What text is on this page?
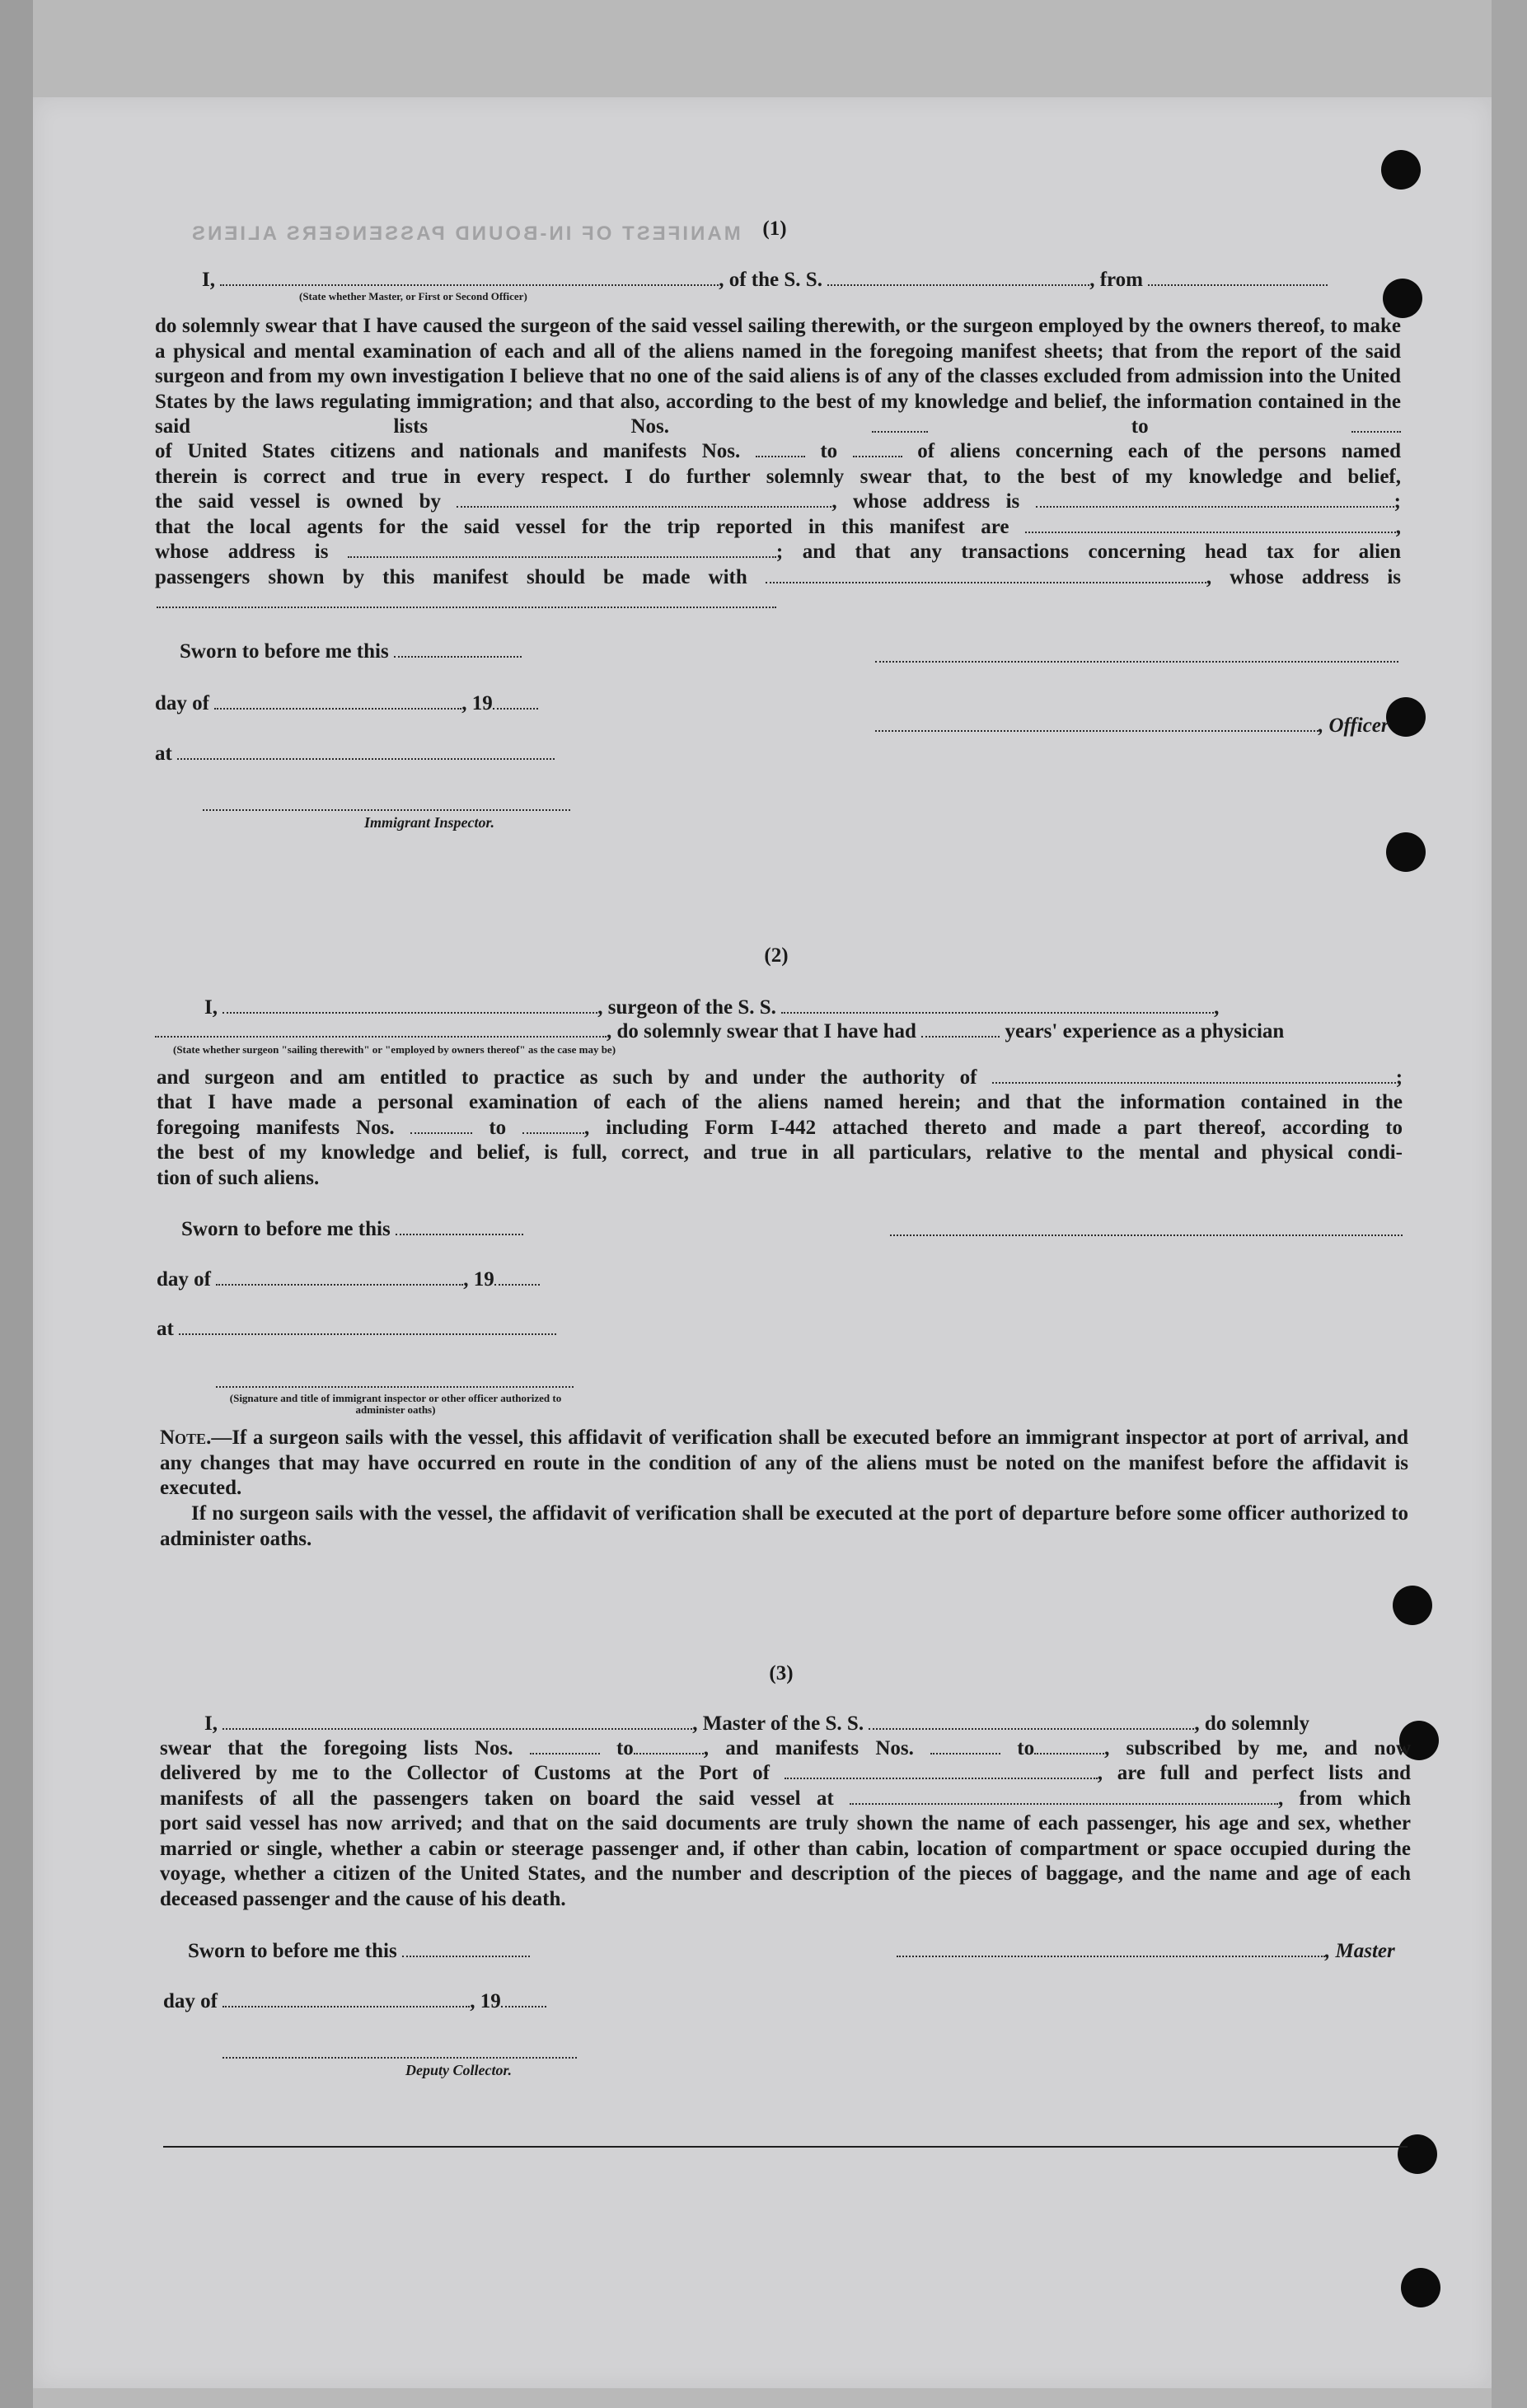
MANIFEST OF IN-BOUND PASSENGERS ALIENS	(1)
I,	, of the S. S.	, from
(State whether Master, or First or Second Officer)
do solemnly swear that I have caused the surgeon of the said vessel sailing therewith, or the surgeon employed by the owners thereof, to make a physical and mental examination of each and all of the aliens named in the foregoing manifest sheets; that from the report of the said surgeon and from my own investigation I believe that no one of the said aliens is of any of the classes excluded from admission into the United States by the laws regulating immigration; and that also, according to the best of my knowledge and belief, the information contained in the said lists Nos.	to
of United States citizens and nationals and manifests Nos.	to	of aliens concerning each of the persons named
therein is correct and true in every respect. I do further solemnly swear that, to the best of my knowledge and belief,
the said vessel is owned by	, whose address is	;
that the local agents for the said vessel for the trip reported in this manifest are	,
whose address is	; and that any transactions concerning head tax for alien
passengers shown by this manifest should be made with	, whose address is
Sworn to before me this
day of	, 19
, Officer
at
Immigrant Inspector.
(2)
I,	, surgeon of the S. S.	,
, do solemnly swear that I have had	years' experience as a physician
(State whether surgeon "sailing therewith" or "employed by owners thereof" as the case may be)
and surgeon and am entitled to practice as such by and under the authority of	;
that I have made a personal examination of each of the aliens named herein; and that the information contained in the
foregoing manifests Nos.	to	, including Form I-442 attached thereto and made a part thereof, according to
the best of my knowledge and belief, is full, correct, and true in all particulars, relative to the mental and physical condi-
tion of such aliens.
Sworn to before me this
day of	, 19
at
(Signature and title of immigrant inspector or other officer authorized to administer oaths)
Note.—If a surgeon sails with the vessel, this affidavit of verification shall be executed before an immigrant inspector at port of arrival, and any changes that may have occurred en route in the condition of any of the aliens must be noted on the manifest before the affidavit is executed.
If no surgeon sails with the vessel, the affidavit of verification shall be executed at the port of departure before some officer authorized to administer oaths.
(3)
I,	, Master of the S. S.	, do solemnly
swear that the foregoing lists Nos.	to	, and manifests Nos.	to	, subscribed by me, and now
delivered by me to the Collector of Customs at the Port of	, are full and perfect lists and
manifests of all the passengers taken on board the said vessel at	, from which
port said vessel has now arrived; and that on the said documents are truly shown the name of each passenger, his age and sex, whether married or single, whether a cabin or steerage passenger and, if other than cabin, location of compartment or space occupied during the voyage, whether a citizen of the United States, and the number and description of the pieces of baggage, and the name and age of each deceased passenger and the cause of his death.
Sworn to before me this	, Master
day of	, 19
Deputy Collector.
